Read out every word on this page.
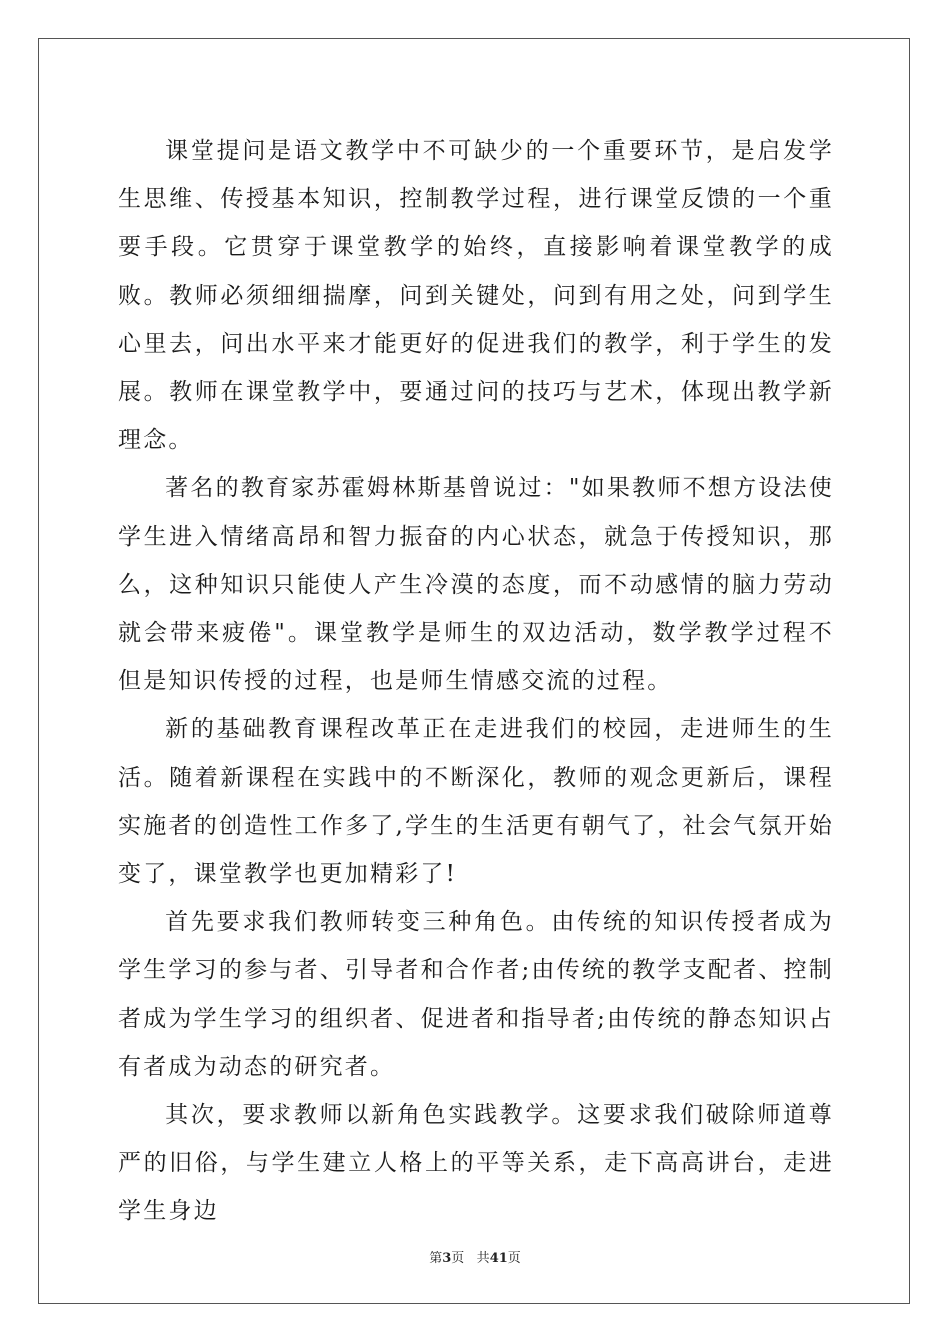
课堂提问是语文教学中不可缺少的一个重要环节，是启发学生思维、传授基本知识，控制教学过程，进行课堂反馈的一个重要手段。它贯穿于课堂教学的始终，直接影响着课堂教学的成败。教师必须细细揣摩，问到关键处，问到有用之处，问到学生心里去，问出水平来才能更好的促进我们的教学，利于学生的发展。教师在课堂教学中，要通过问的技巧与艺术，体现出教学新理念。

著名的教育家苏霍姆林斯基曾说过："如果教师不想方设法使学生进入情绪高昂和智力振奋的内心状态，就急于传授知识，那么，这种知识只能使人产生冷漠的态度，而不动感情的脑力劳动就会带来疲倦"。课堂教学是师生的双边活动，数学教学过程不但是知识传授的过程，也是师生情感交流的过程。

新的基础教育课程改革正在走进我们的校园，走进师生的生活。随着新课程在实践中的不断深化，教师的观念更新后，课程实施者的创造性工作多了,学生的生活更有朝气了，社会气氛开始变了，课堂教学也更加精彩了!

首先要求我们教师转变三种角色。由传统的知识传授者成为学生学习的参与者、引导者和合作者;由传统的教学支配者、控制者成为学生学习的组织者、促进者和指导者;由传统的静态知识占有者成为动态的研究者。

其次，要求教师以新角色实践教学。这要求我们破除师道尊严的旧俗，与学生建立人格上的平等关系，走下高高讲台，走进学生身边

第3页 共41页
